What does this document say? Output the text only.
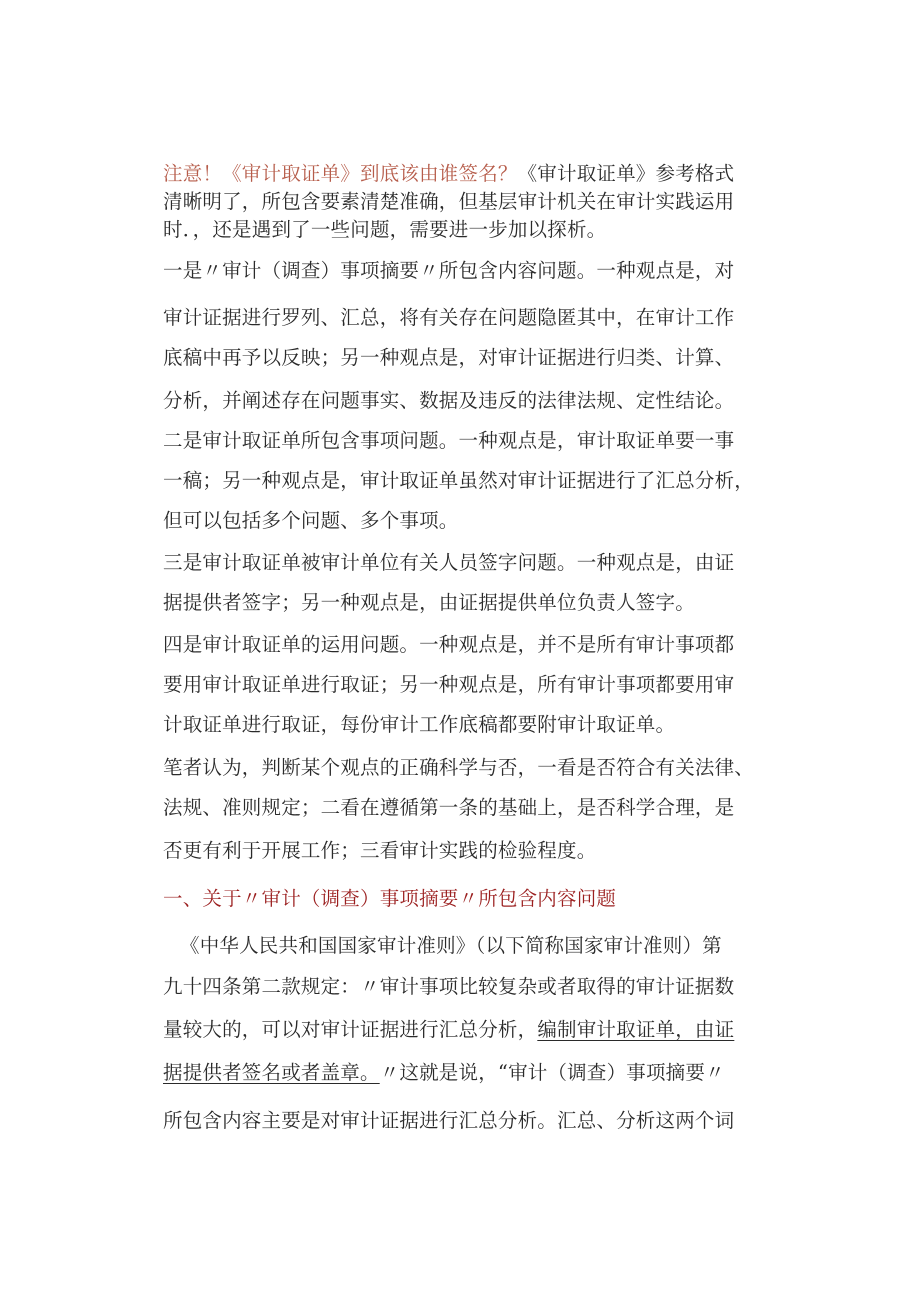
注意！《审计取证单》到底该由谁签名？《审计取证单》参考格式
清晰明了，所包含要素清楚准确，但基层审计机关在审计实践运用
时．，还是遇到了一些问题，需要进一步加以探析。
一是〃审计（调查）事项摘要〃所包含内容问题。一种观点是，对
审计证据进行罗列、汇总，将有关存在问题隐匿其中，在审计工作
底稿中再予以反映；另一种观点是，对审计证据进行归类、计算、
分析，并阐述存在问题事实、数据及违反的法律法规、定性结论。
二是审计取证单所包含事项问题。一种观点是，审计取证单要一事
一稿；另一种观点是，审计取证单虽然对审计证据进行了汇总分析，
但可以包括多个问题、多个事项。
三是审计取证单被审计单位有关人员签字问题。一种观点是，由证
据提供者签字；另一种观点是，由证据提供单位负责人签字。
四是审计取证单的运用问题。一种观点是，并不是所有审计事项都
要用审计取证单进行取证；另一种观点是，所有审计事项都要用审
计取证单进行取证，每份审计工作底稿都要附审计取证单。
笔者认为，判断某个观点的正确科学与否，一看是否符合有关法律、
法规、准则规定；二看在遵循第一条的基础上，是否科学合理，是
否更有利于开展工作；三看审计实践的检验程度。
一、关于〃审计（调查）事项摘要〃所包含内容问题
《中华人民共和国国家审计准则》（以下简称国家审计准则）第
九十四条第二款规定：〃审计事项比较复杂或者取得的审计证据数
量较大的，可以对审计证据进行汇总分析，编制审计取证单，由证
据提供者签名或者盖章。〃这就是说，“审计（调查）事项摘要〃
所包含内容主要是对审计证据进行汇总分析。汇总、分析这两个词
